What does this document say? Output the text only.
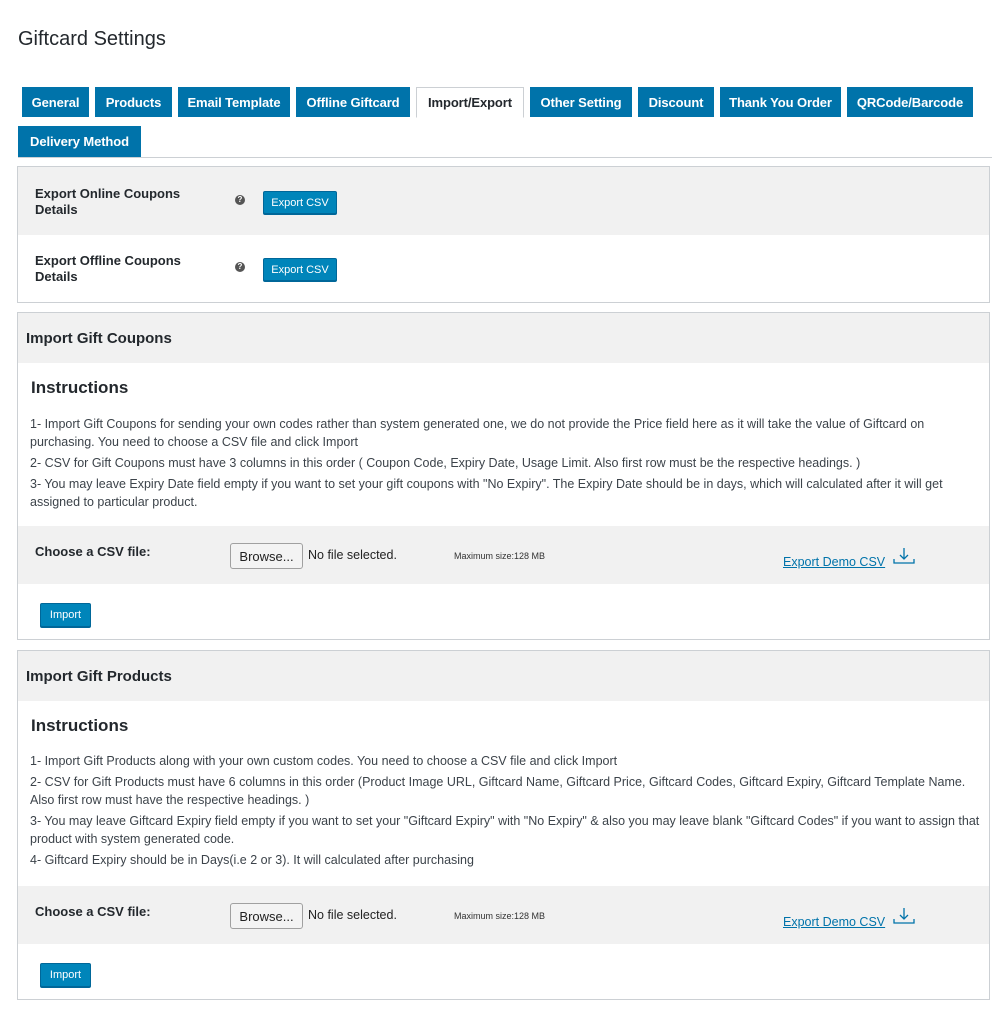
Giftcard Settings
General Products Email Template Offline Giftcard Import/Export Other Setting Discount Thank You Order QRCode/Barcode
Delivery Method
Export Online Coupons Details
?	Export CSV
Export Offline Coupons Details
?	Export CSV
Import Gift Coupons
Instructions

1- Import Gift Coupons for sending your own codes rather than system generated one, we do not provide the Price field here as it will take the value of Giftcard on purchasing. You need to choose a CSV file and click Import

2- CSV for Gift Coupons must have 3 columns in this order ( Coupon Code, Expiry Date, Usage Limit. Also first row must be the respective headings. )

3- You may leave Expiry Date field empty if you want to set your gift coupons with "No Expiry". The Expiry Date should be in days, which will calculated after it will get assigned to particular product.

Choose a CSV file:	Browse...	No file selected.	Maximum size:128 MB	Export Demo CSV
Import
Import Gift Products
Instructions

1- Import Gift Products along with your own custom codes. You need to choose a CSV file and click Import

2- CSV for Gift Products must have 6 columns in this order (Product Image URL, Giftcard Name, Giftcard Price, Giftcard Codes, Giftcard Expiry, Giftcard Template Name. Also first row must have the respective headings. )

3- You may leave Giftcard Expiry field empty if you want to set your "Giftcard Expiry" with "No Expiry" & also you may leave blank "Giftcard Codes" if you want to assign that product with system generated code.

4- Giftcard Expiry should be in Days(i.e 2 or 3). It will calculated after purchasing

Choose a CSV file:	Browse...	No file selected.	Maximum size:128 MB	Export Demo CSV
Import
